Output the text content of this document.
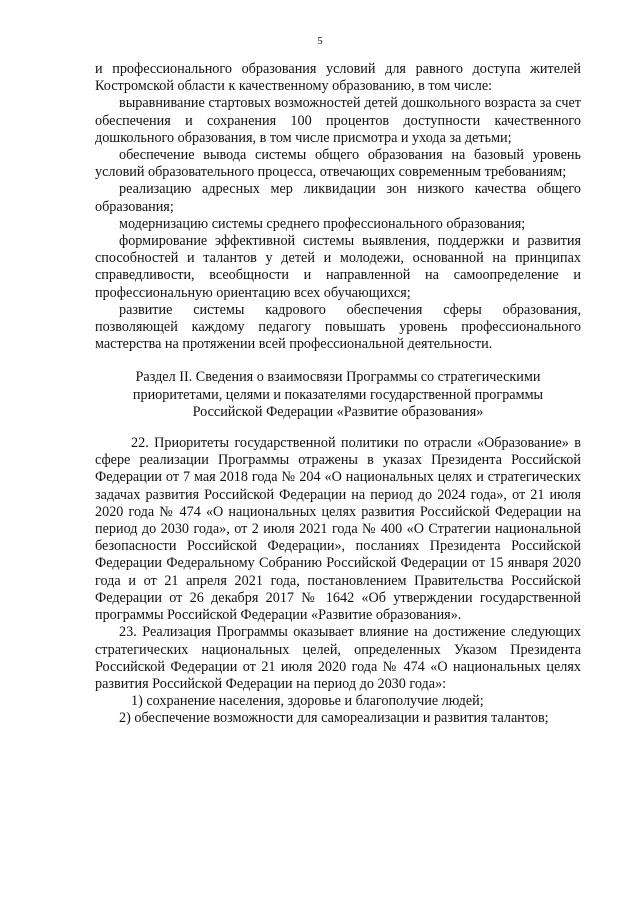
5

и профессионального образования условий для равного доступа жителей Костромской области к качественному образованию, в том числе:

выравнивание стартовых возможностей детей дошкольного возраста за счет обеспечения и сохранения 100 процентов доступности качественного дошкольного образования, в том числе присмотра и ухода за детьми;

обеспечение вывода системы общего образования на базовый уровень условий образовательного процесса, отвечающих современным требованиям;

реализацию адресных мер ликвидации зон низкого качества общего образования;

модернизацию системы среднего профессионального образования;

формирование эффективной системы выявления, поддержки и развития способностей и талантов у детей и молодежи, основанной на принципах справедливости, всеобщности и направленной на самоопределение и профессиональную ориентацию всех обучающихся;

развитие системы кадрового обеспечения сферы образования, позволяющей каждому педагогу повышать уровень профессионального мастерства на протяжении всей профессиональной деятельности.

Раздел II. Сведения о взаимосвязи Программы со стратегическими приоритетами, целями и показателями государственной программы Российской Федерации «Развитие образования»

22. Приоритеты государственной политики по отрасли «Образование» в сфере реализации Программы отражены в указах Президента Российской Федерации от 7 мая 2018 года № 204 «О национальных целях и стратегических задачах развития Российской Федерации на период до 2024 года», от 21 июля 2020 года № 474 «О национальных целях развития Российской Федерации на период до 2030 года», от 2 июля 2021 года № 400 «О Стратегии национальной безопасности Российской Федерации», посланиях Президента Российской Федерации Федеральному Собранию Российской Федерации от 15 января 2020 года и от 21 апреля 2021 года, постановлением Правительства Российской Федерации от 26 декабря 2017 № 1642 «Об утверждении государственной программы Российской Федерации «Развитие образования».

23. Реализация Программы оказывает влияние на достижение следующих стратегических национальных целей, определенных Указом Президента Российской Федерации от 21 июля 2020 года № 474 «О национальных целях развития Российской Федерации на период до 2030 года»:

1) сохранение населения, здоровье и благополучие людей;

2) обеспечение возможности для самореализации и развития талантов;
